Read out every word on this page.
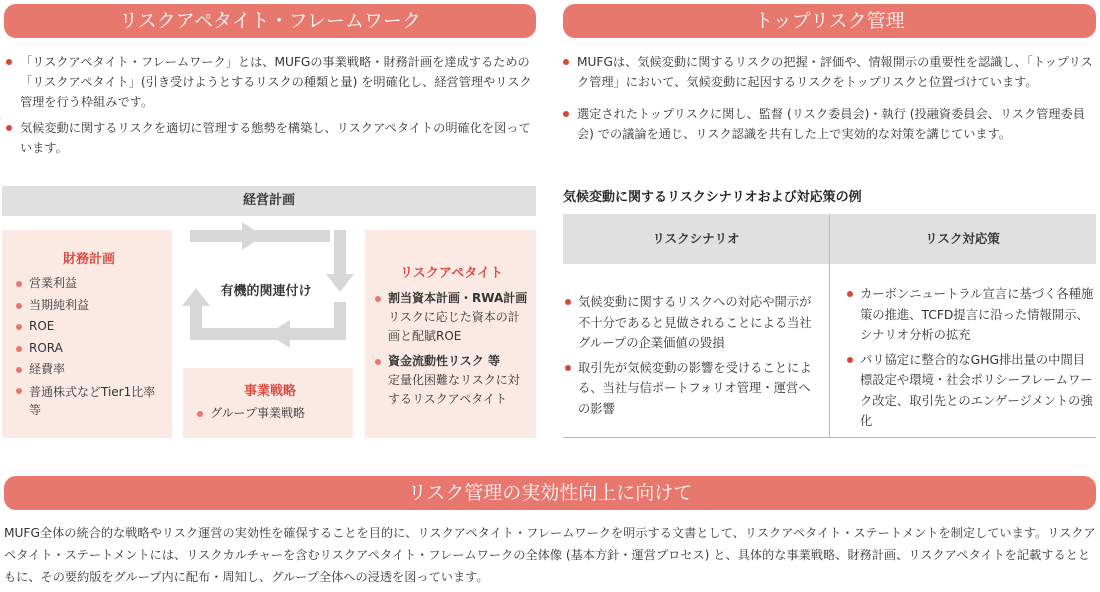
リスクアペタイト・フレームワーク
「リスクアペタイト・フレームワーク」とは、MUFGの事業戦略・財務計画を達成するための「リスクアペタイト」(引き受けようとするリスクの種類と量) を明確化し、経営管理やリスク管理を行う枠組みです。
気候変動に関するリスクを適切に管理する態勢を構築し、リスクアペタイトの明確化を図っています。
経営計画
財務計画
営業利益
当期純利益
ROE
RORA
経費率
普通株式などTier1比率等
有機的関連付け
事業戦略
グループ事業戦略
リスクアペタイト
割当資本計画・RWA計画
リスクに応じた資本の計画と配賦ROE
資金流動性リスク 等
定量化困難なリスクに対するリスクアペタイト
トップリスク管理
MUFGは、気候変動に関するリスクの把握・評価や、情報開示の重要性を認識し、「トップリスク管理」において、気候変動に起因するリスクをトップリスクと位置づけています。
選定されたトップリスクに関し、監督 (リスク委員会)・執行 (投融資委員会、リスク管理委員会) での議論を通じ、リスク認識を共有した上で実効的な対策を講じています。
気候変動に関するリスクシナリオおよび対応策の例
リスクシナリオ	リスク対応策
気候変動に関するリスクへの対応や開示が不十分であると見做されることによる当社グループの企業価値の毀損
取引先が気候変動の影響を受けることによる、当社与信ポートフォリオ管理・運営への影響
カーボンニュートラル宣言に基づく各種施策の推進、TCFD提言に沿った情報開示、シナリオ分析の拡充
パリ協定に整合的なGHG排出量の中間目標設定や環境・社会ポリシーフレームワーク改定、取引先とのエンゲージメントの強化
リスク管理の実効性向上に向けて
MUFG全体の統合的な戦略やリスク運営の実効性を確保することを目的に、リスクアペタイト・フレームワークを明示する文書として、リスクアペタイト・ステートメントを制定しています。リスクアペタイト・ステートメントには、リスクカルチャーを含むリスクアペタイト・フレームワークの全体像 (基本方針・運営プロセス) と、具体的な事業戦略、財務計画、リスクアペタイトを記載するとともに、その要約版をグループ内に配布・周知し、グループ全体への浸透を図っています。
